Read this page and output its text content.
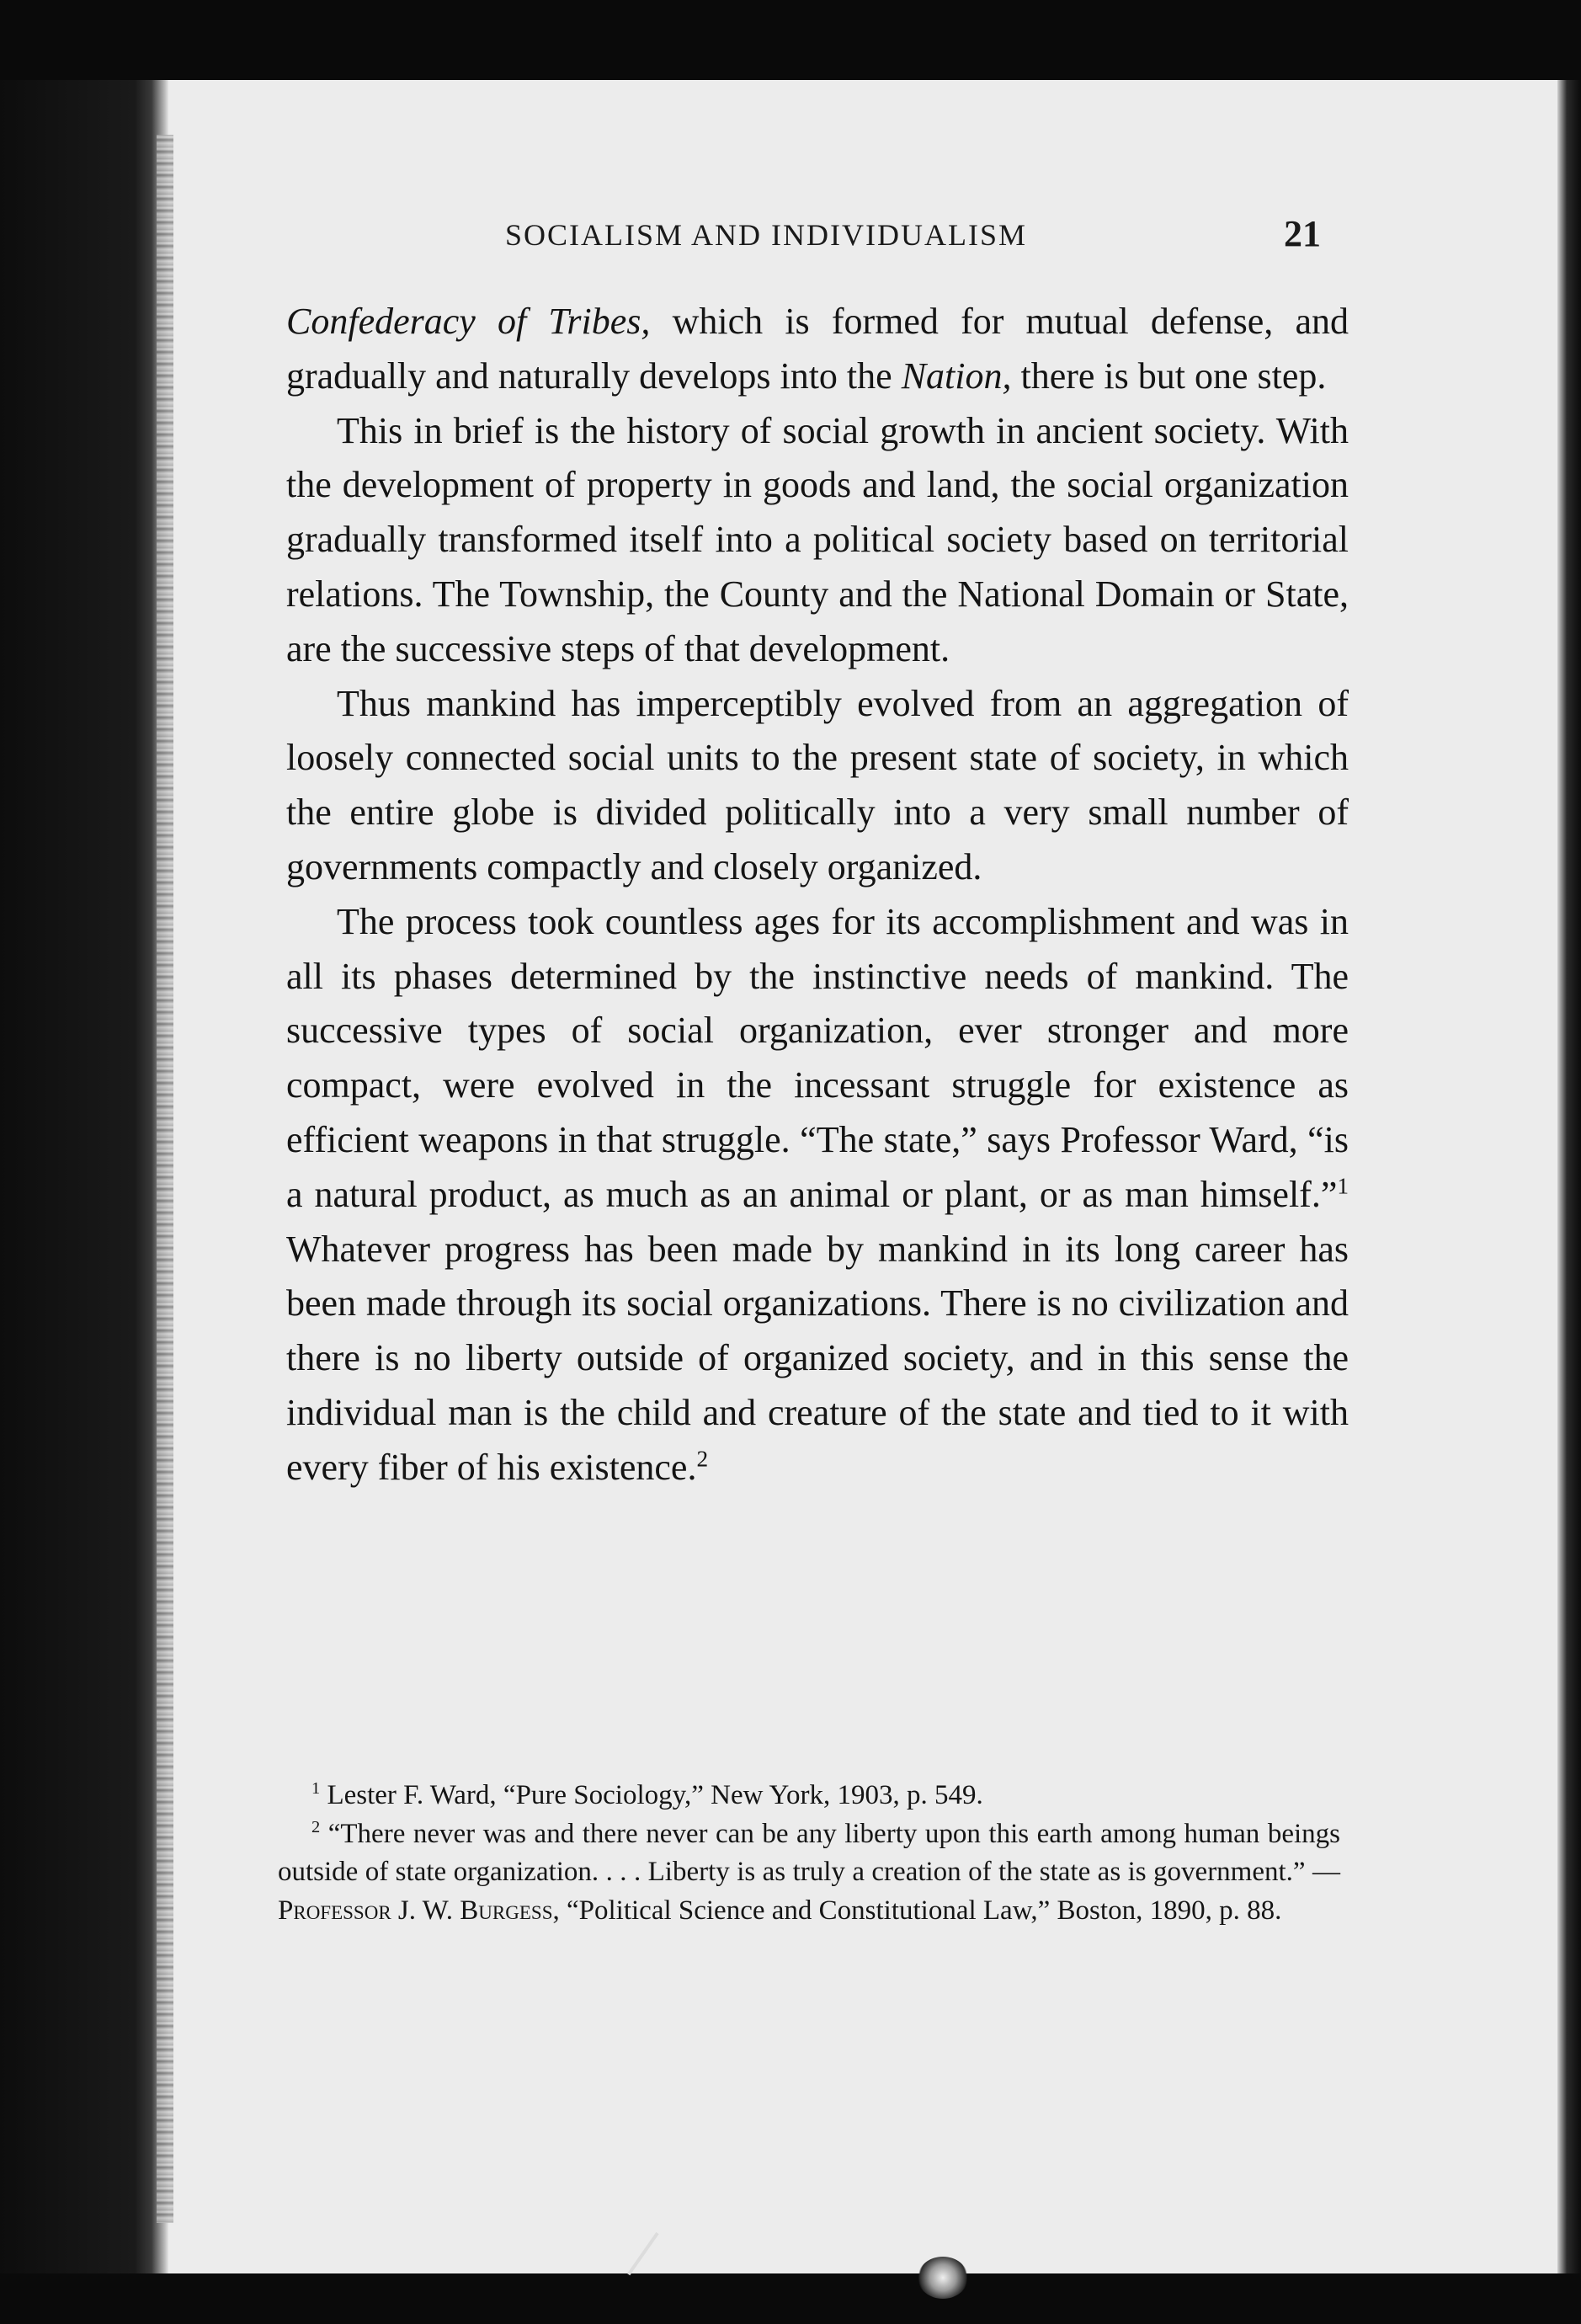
SOCIALISM AND INDIVIDUALISM	21

Confederacy of Tribes, which is formed for mutual defense, and gradually and naturally develops into the Nation, there is but one step.

This in brief is the history of social growth in ancient society. With the development of property in goods and land, the social organization gradually transformed itself into a political society based on territorial relations. The Township, the County and the National Domain or State, are the successive steps of that development.

Thus mankind has imperceptibly evolved from an aggregation of loosely connected social units to the present state of society, in which the entire globe is divided politically into a very small number of governments compactly and closely organized.

The process took countless ages for its accomplishment and was in all its phases determined by the instinctive needs of mankind. The successive types of social organization, ever stronger and more compact, were evolved in the incessant struggle for existence as efficient weapons in that struggle. “The state,” says Professor Ward, “is a natural product, as much as an animal or plant, or as man himself.”$^1$ Whatever progress has been made by mankind in its long career has been made through its social organizations. There is no civilization and there is no liberty outside of organized society, and in this sense the individual man is the child and creature of the state and tied to it with every fiber of his existence.$^2$

$^1$ Lester F. Ward, “Pure Sociology,” New York, 1903, p. 549.

$^2$ “There never was and there never can be any liberty upon this earth among human beings outside of state organization. . . . Liberty is as truly a creation of the state as is government.” — Professor J. W. Burgess, “Political Science and Constitutional Law,” Boston, 1890, p. 88.
